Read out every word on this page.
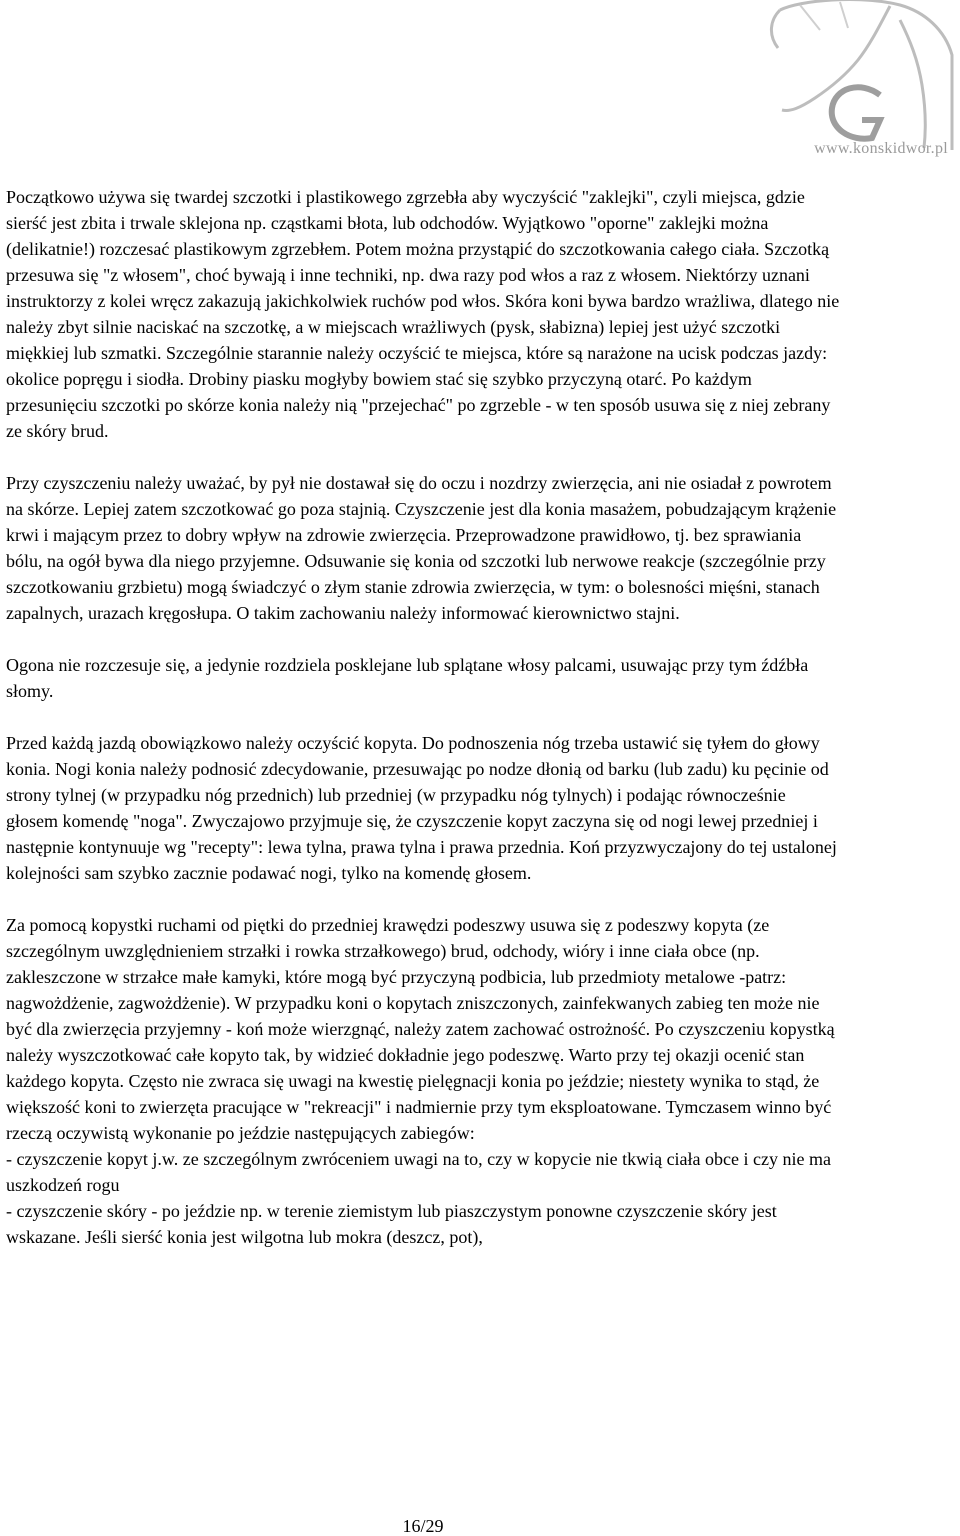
www.konskidwor.pl

Początkowo używa się twardej szczotki i plastikowego zgrzebła aby wyczyścić "zaklejki", czyli miejsca, gdzie sierść jest zbita i trwale sklejona np. cząstkami błota, lub odchodów. Wyjątkowo "oporne" zaklejki można (delikatnie!) rozczesać plastikowym zgrzebłem. Potem można przystąpić do szczotkowania całego ciała. Szczotką przesuwa się "z włosem", choć bywają i inne techniki, np. dwa razy pod włos a raz z włosem. Niektórzy uznani instruktorzy z kolei wręcz zakazują jakichkolwiek ruchów pod włos. Skóra koni bywa bardzo wrażliwa, dlatego nie należy zbyt silnie naciskać na szczotkę, a w miejscach wrażliwych (pysk, słabizna) lepiej jest użyć szczotki miękkiej lub szmatki. Szczególnie starannie należy oczyścić te miejsca, które są narażone na ucisk podczas jazdy: okolice popręgu i siodła. Drobiny piasku mogłyby bowiem stać się szybko przyczyną otarć. Po każdym przesunięciu szczotki po skórze konia należy nią "przejechać" po zgrzeble - w ten sposób usuwa się z niej zebrany ze skóry brud.

Przy czyszczeniu należy uważać, by pył nie dostawał się do oczu i nozdrzy zwierzęcia, ani nie osiadał z powrotem na skórze. Lepiej zatem szczotkować go poza stajnią. Czyszczenie jest dla konia masażem, pobudzającym krążenie krwi i mającym przez to dobry wpływ na zdrowie zwierzęcia. Przeprowadzone prawidłowo, tj. bez sprawiania bólu, na ogół bywa dla niego przyjemne. Odsuwanie się konia od szczotki lub nerwowe reakcje (szczególnie przy szczotkowaniu grzbietu) mogą świadczyć o złym stanie zdrowia zwierzęcia, w tym: o bolesności mięśni, stanach zapalnych, urazach kręgosłupa. O takim zachowaniu należy informować kierownictwo stajni.

Ogona nie rozczesuje się, a jedynie rozdziela posklejane lub splątane włosy palcami, usuwając przy tym źdźbła słomy.

Przed każdą jazdą obowiązkowo należy oczyścić kopyta. Do podnoszenia nóg trzeba ustawić się tyłem do głowy konia. Nogi konia należy podnosić zdecydowanie, przesuwając po nodze dłonią od barku (lub zadu) ku pęcinie od strony tylnej (w przypadku nóg przednich) lub przedniej (w przypadku nóg tylnych) i podając równocześnie głosem komendę "noga". Zwyczajowo przyjmuje się, że czyszczenie kopyt zaczyna się od nogi lewej przedniej i następnie kontynuuje wg "recepty": lewa tylna, prawa tylna i prawa przednia. Koń przyzwyczajony do tej ustalonej kolejności sam szybko zacznie podawać nogi, tylko na komendę głosem.

Za pomocą kopystki ruchami od piętki do przedniej krawędzi podeszwy usuwa się z podeszwy kopyta (ze szczególnym uwzględnieniem strzałki i rowka strzałkowego) brud, odchody, wióry i inne ciała obce (np. zakleszczone w strzałce małe kamyki, które mogą być przyczyną podbicia, lub przedmioty metalowe -patrz: nagwożdżenie, zagwożdżenie). W przypadku koni o kopytach zniszczonych, zainfekwanych zabieg ten może nie być dla zwierzęcia przyjemny - koń może wierzgnąć, należy zatem zachować ostrożność. Po czyszczeniu kopystką należy wyszczotkować całe kopyto tak, by widzieć dokładnie jego podeszwę. Warto przy tej okazji ocenić stan każdego kopyta. Często nie zwraca się uwagi na kwestię pielęgnacji konia po jeździe; niestety wynika to stąd, że większość koni to zwierzęta pracujące w "rekreacji" i nadmiernie przy tym eksploatowane. Tymczasem winno być rzeczą oczywistą wykonanie po jeździe następujących zabiegów:
- czyszczenie kopyt j.w. ze szczególnym zwróceniem uwagi na to, czy w kopycie nie tkwią ciała obce i czy nie ma uszkodzeń rogu
- czyszczenie skóry - po jeździe np. w terenie ziemistym lub piaszczystym ponowne czyszczenie skóry jest wskazane. Jeśli sierść konia jest wilgotna lub mokra (deszcz, pot),

16/29
